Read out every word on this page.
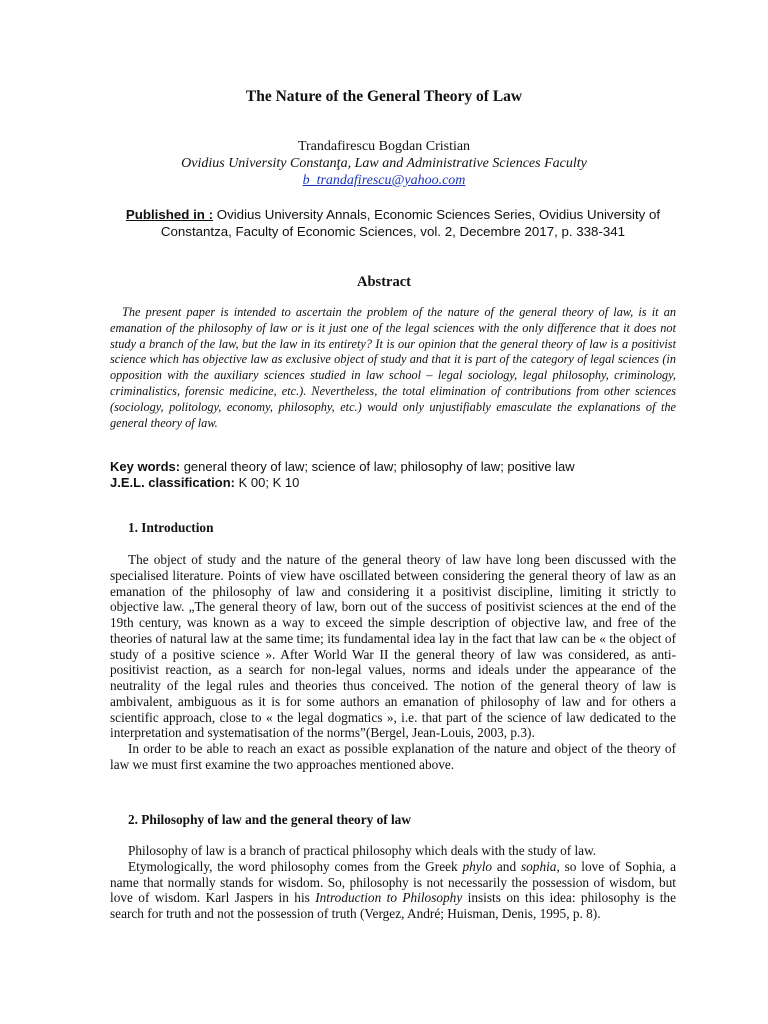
The Nature of the General Theory of Law
Trandafirescu Bogdan Cristian
Ovidius University Constanţa, Law and Administrative Sciences Faculty
b_trandafirescu@yahoo.com
Published in : Ovidius University Annals, Economic Sciences Series, Ovidius University of Constantza, Faculty of Economic Sciences, vol. 2, Decembre 2017, p. 338-341
Abstract
The present paper is intended to ascertain the problem of the nature of the general theory of law, is it an emanation of the philosophy of law or is it just one of the legal sciences with the only difference that it does not study a branch of the law, but the law in its entirety? It is our opinion that the general theory of law is a positivist science which has objective law as exclusive object of study and that it is part of the category of legal sciences (in opposition with the auxiliary sciences studied in law school – legal sociology, legal philosophy, criminology, criminalistics, forensic medicine, etc.). Nevertheless, the total elimination of contributions from other sciences (sociology, politology, economy, philosophy, etc.) would only unjustifiably emasculate the explanations of the general theory of law.
Key words: general theory of law; science of law; philosophy of law; positive law
J.E.L. classification: K 00; K 10
1. Introduction

The object of study and the nature of the general theory of law have long been discussed with the specialised literature. Points of view have oscillated between considering the general theory of law as an emanation of the philosophy of law and considering it a positivist discipline, limiting it strictly to objective law. „The general theory of law, born out of the success of positivist sciences at the end of the 19th century, was known as a way to exceed the simple description of objective law, and free of the theories of natural law at the same time; its fundamental idea lay in the fact that law can be « the object of study of a positive science ». After World War II the general theory of law was considered, as anti-positivist reaction, as a search for non-legal values, norms and ideals under the appearance of the neutrality of the legal rules and theories thus conceived. The notion of the general theory of law is ambivalent, ambiguous as it is for some authors an emanation of philosophy of law and for others a scientific approach, close to « the legal dogmatics », i.e. that part of the science of law dedicated to the interpretation and systematisation of the norms”(Bergel, Jean-Louis, 2003, p.3).

In order to be able to reach an exact as possible explanation of the nature and object of the theory of law we must first examine the two approaches mentioned above.

2. Philosophy of law and the general theory of law

Philosophy of law is a branch of practical philosophy which deals with the study of law.

Etymologically, the word philosophy comes from the Greek phylo and sophia, so love of Sophia, a name that normally stands for wisdom. So, philosophy is not necessarily the possession of wisdom, but love of wisdom. Karl Jaspers in his Introduction to Philosophy insists on this idea: philosophy is the search for truth and not the possession of truth (Vergez, André; Huisman, Denis, 1995, p. 8).
